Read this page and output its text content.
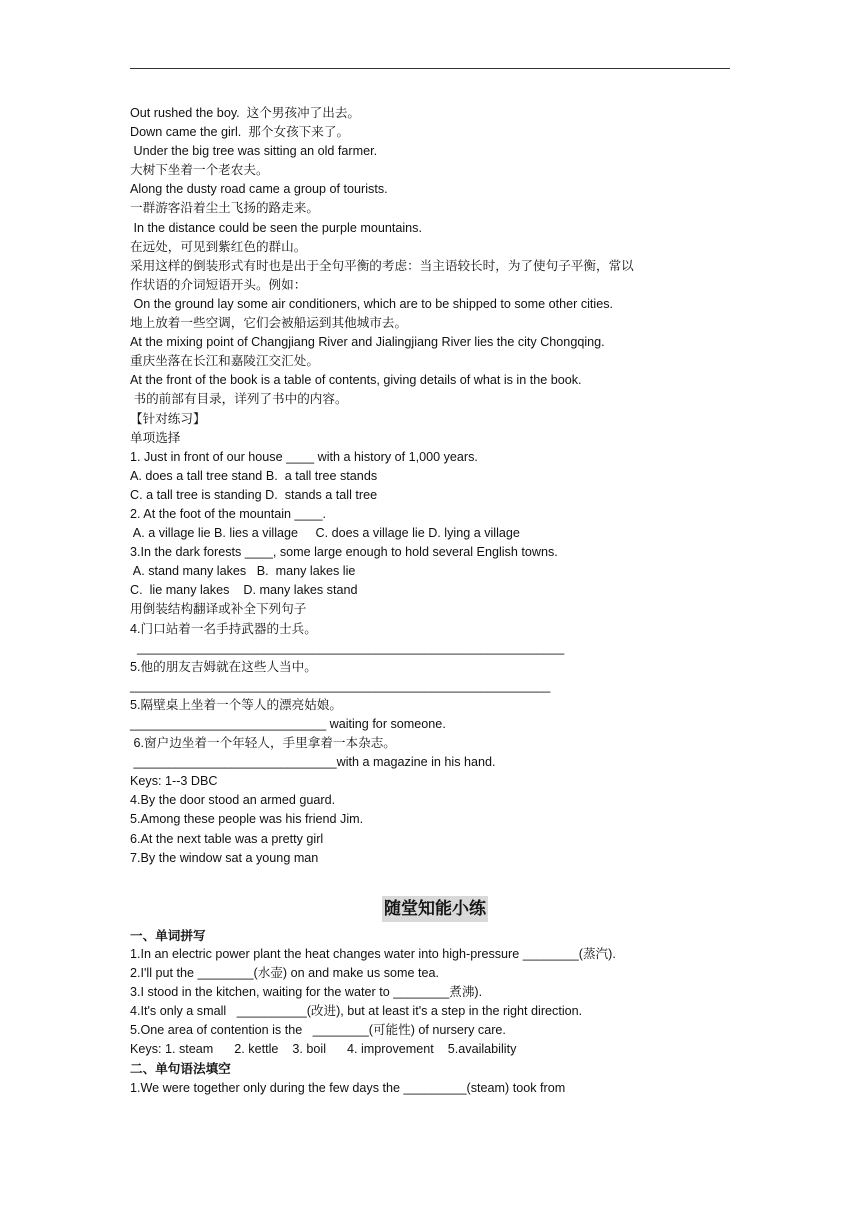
Out rushed the boy.  这个男孩冲了出去。
Down came the girl.  那个女孩下来了。
Under the big tree was sitting an old farmer.
大树下坐着一个老农夫。
Along the dusty road came a group of tourists.
一群游客沿着尘土飞扬的路走来。
In the distance could be seen the purple mountains.
在远处，可见到紫红色的群山。
采用这样的倒装形式有时也是出于全句平衡的考虑：当主语较长时，为了使句子平衡，常以
作状语的介词短语开头。例如：
On the ground lay some air conditioners, which are to be shipped to some other cities.
地上放着一些空调，它们会被船运到其他城市去。
At the mixing point of Changjiang River and Jialingjiang River lies the city Chongqing.
重庆坐落在长江和嘉陵江交汇处。
At the front of the book is a table of contents, giving details of what is in the book.
书的前部有目录，详列了书中的内容。
【针对练习】
单项选择
1. Just in front of our house ____ with a history of 1,000 years.
A. does a tall tree stand B.  a tall tree stands
C. a tall tree is standing D.  stands a tall tree
2. At the foot of the mountain ____.
A. a village lie B. lies a village     C. does a village lie D. lying a village
3.In the dark forests ____, some large enough to hold several English towns.
A. stand many lakes   B.  many lakes lie
C.  lie many lakes    D. many lakes stand
用倒装结构翻译或补全下列句子
4.门口站着一名手持武器的士兵。
_____________________________________________________________
5.他的朋友吉姆就在这些人当中。
____________________________________________________________
5.隔壁桌上坐着一个等人的漂亮姑娘。
____________________________ waiting for someone.
6.窗户边坐着一个年轻人，手里拿着一本杂志。
_____________________________with a magazine in his hand.
Keys: 1--3 DBC
4.By the door stood an armed guard.
5.Among these people was his friend Jim.
6.At the next table was a pretty girl
7.By the window sat a young man
随堂知能小练
一、单词拼写
1.In an electric power plant the heat changes water into high-pressure ________(蒸汽).
2.I'll put the ________(水壶) on and make us some tea.
3.I stood in the kitchen, waiting for the water to ________煮沸).
4.It's only a small   __________(改进), but at least it's a step in the right direction.
5.One area of contention is the   ________(可能性) of nursery care.
Keys: 1. steam      2. kettle    3. boil      4. improvement    5.availability
二、单句语法填空
1.We were together only during the few days the _________(steam) took from
